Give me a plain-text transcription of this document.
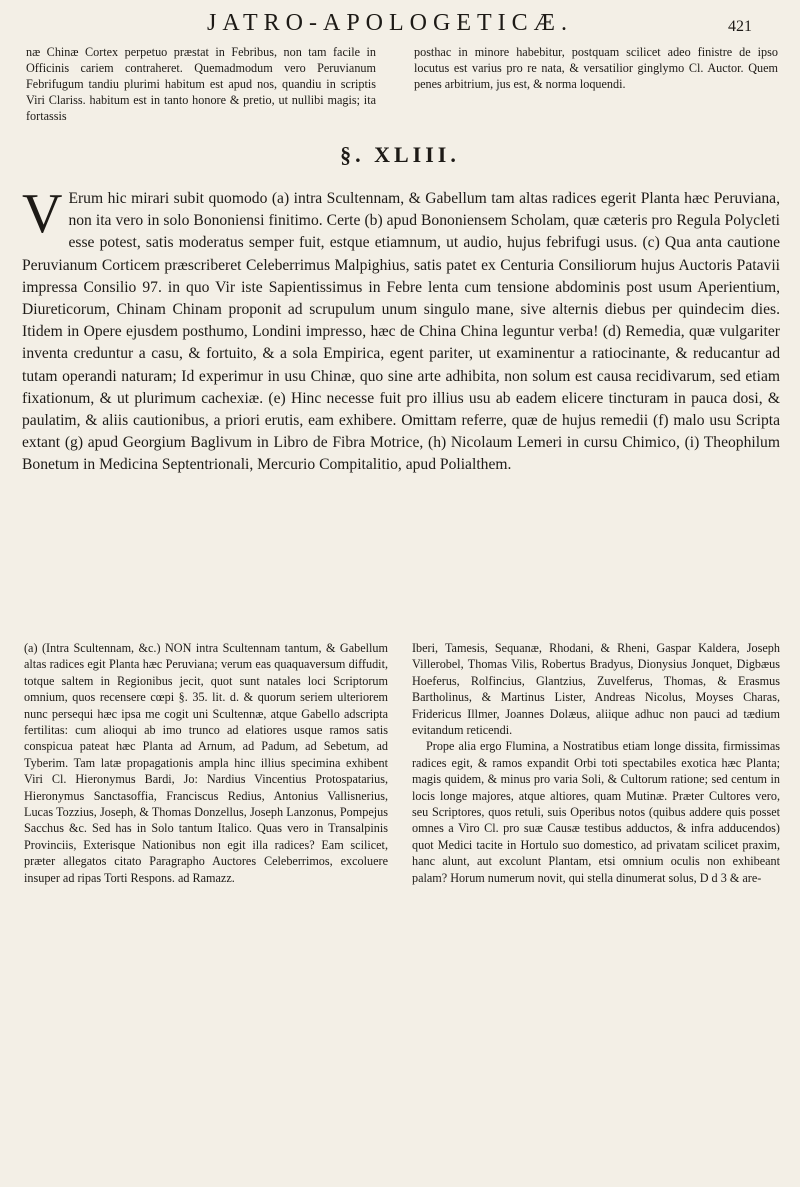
JATRO-APOLOGETICÆ.	421

næ Chinæ Cortex perpetuo præstat in Febribus, non tam facile in Officinis cariem contraheret. Quemadmodum vero Peruvianum Febrifugum tandiu plurimi habitum est apud nos, quandiu in scriptis Viri Clariss. habitum est in tanto honore & pretio, ut nullibi magis; ita fortassis

posthac in minore habebitur, postquam scilicet adeo finistre de ipso locutus est varius pro re nata, & versatilior ginglymo Cl. Auctor. Quem penes arbitrium, jus est, & norma loquendi.

§. XLIII.
V Erum hic mirari subit quomodo (a) intra Scultennam, & Gabellum tam altas radices egerit Planta hæc Peruviana, non ita vero in solo Bononiensi finitimo. Certe (b) apud Bononiensem Scholam, quæ cæteris pro Regula Polycleti esse potest, satis moderatus semper fuit, estque etiamnum, ut audio, hujus febrifugi usus. (c) Qua anta cautione Peruvianum Corticem præscriberet Celeberrimus Malpighius, satis patet ex Centuria Consiliorum hujus Auctoris Patavii impressa Consilio 97. in quo Vir iste Sapientissimus in Febre lenta cum tensione abdominis post usum Aperientium, Diureticorum, Chinam Chinam proponit ad scrupulum unum singulo mane, sive alternis diebus per quindecim dies. Itidem in Opere ejusdem posthumo, Londini impresso, hæc de China China leguntur verba! (d) Remedia, quæ vulgariter inventa creduntur a casu, & fortuito, & a sola Empirica, egent pariter, ut examinentur a ratiocinante, & reducantur ad tutam operandi naturam; Id experimur in usu Chinæ, quo sine arte adhibita, non solum est causa recidivarum, sed etiam fixationum, & ut plurimum cachexiæ. (e) Hinc necesse fuit pro illius usu ab eadem elicere tincturam in pauca dosi, & paulatim, & aliis cautionibus, a priori erutis, eam exhibere. Omittam referre, quæ de hujus remedii (f) malo usu Scripta extant (g) apud Georgium Baglivum in Libro de Fibra Motrice, (h) Nicolaum Lemeri in cursu Chimico, (i) Theophilum Bonetum in Medicina Septentrionali, Mercurio Compitalitio, apud Polialthem.

(a) (Intra Scultennam, &c.) NON intra Scultennam tantum, & Gabellum altas radices egit Planta hæc Peruviana; verum eas quaquaversum diffudit, totque saltem in Regionibus jecit, quot sunt natales loci Scriptorum omnium, quos recensere cœpi §. 35. lit. d. & quorum seriem ulteriorem nunc persequi hæc ipsa me cogit uni Scultennæ, atque Gabello adscripta fertilitas: cum alioqui ab imo trunco ad elatiores usque ramos satis conspicua pateat hæc Planta ad Arnum, ad Padum, ad Sebetum, ad Tyberim. Tam latæ propagationis ampla hinc illius specimina exhibent Viri Cl. Hieronymus Bardi, Jo: Nardius Vincentius Protospatarius, Hieronymus Sanctasoffia, Franciscus Redius, Antonius Vallisnerius, Lucas Tozzius, Joseph, & Thomas Donzellus, Joseph Lanzonus, Pompejus Sacchus &c. Sed has in Solo tantum Italico. Quas vero in Transalpinis Provinciis, Exterisque Nationibus non egit illa radices? Eam scilicet, præter allegatos citato Paragrapho Auctores Celeberrimos, excoluere insuper ad ripas Torti Respons. ad Ramazz.

Iberi, Tamesis, Sequanæ, Rhodani, & Rheni, Gaspar Kaldera, Joseph Villerobel, Thomas Vilis, Robertus Bradyus, Dionysius Jonquet, Digbæus Hoeferus, Rolfincius, Glantzius, Zuvelferus, Thomas, & Erasmus Bartholinus, & Martinus Lister, Andreas Nicolus, Moyses Charas, Fridericus Illmer, Joannes Dolæus, aliique adhuc non pauci ad tædium evitandum reticendi.

Prope alia ergo Flumina, a Nostratibus etiam longe dissita, firmissimas radices egit, & ramos expandit Orbi toti spectabiles exotica hæc Planta; magis quidem, & minus pro varia Soli, & Cultorum ratione; sed centum in locis longe majores, atque altiores, quam Mutinæ. Præter Cultores vero, seu Scriptores, quos retuli, suis Operibus notos (quibus addere quis posset omnes a Viro Cl. pro suæ Causæ testibus adductos, & infra adducendos) quot Medici tacite in Hortulo suo domestico, ad privatam scilicet praxim, hanc alunt, aut excolunt Plantam, etsi omnium oculis non exhibeant palam? Horum numerum novit, qui stella dinumerat solus, D d 3 & are-
